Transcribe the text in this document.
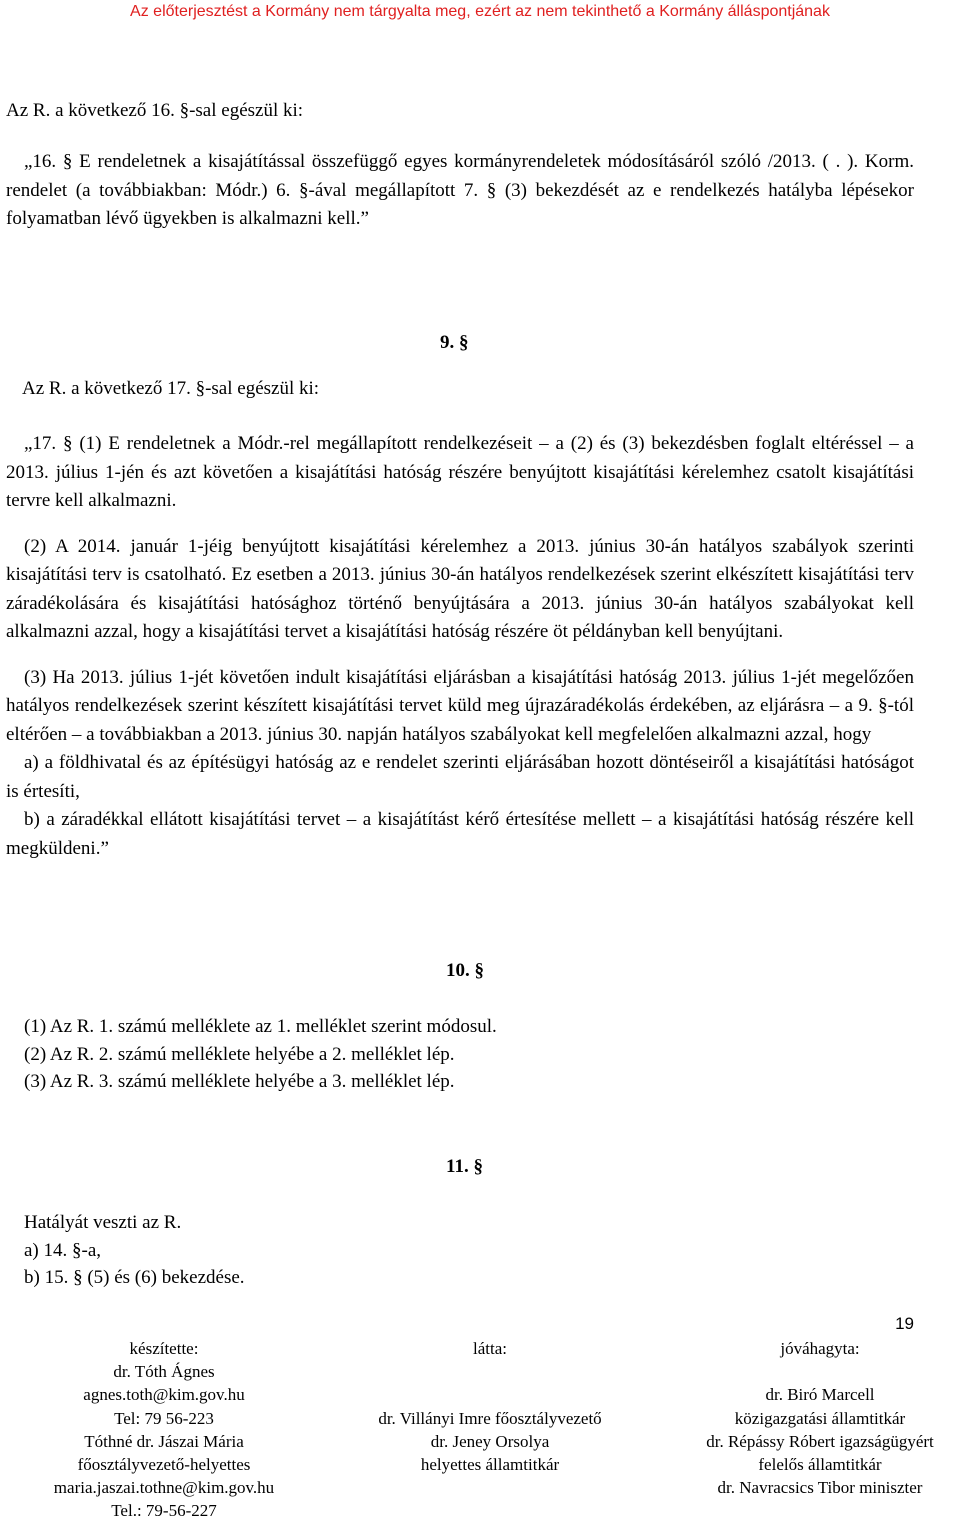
Az előterjesztést a Kormány nem tárgyalta meg, ezért az nem tekinthető a Kormány álláspontjának
Az R. a következő 16. §-sal egészül ki:

„16. § E rendeletnek a kisajátítással összefüggő egyes kormányrendeletek módosításáról szóló /2013. ( . ). Korm. rendelet (a továbbiakban: Módr.) 6. §-ával megállapított 7. § (3) bekezdését az e rendelkezés hatályba lépésekor folyamatban lévő ügyekben is alkalmazni kell.”

9. §
Az R. a következő 17. §-sal egészül ki:

„17. § (1) E rendeletnek a Módr.-rel megállapított rendelkezéseit – a (2) és (3) bekezdésben foglalt eltéréssel – a 2013. július 1-jén és azt követően a kisajátítási hatóság részére benyújtott kisajátítási kérelemhez csatolt kisajátítási tervre kell alkalmazni.

(2) A 2014. január 1-jéig benyújtott kisajátítási kérelemhez a 2013. június 30-án hatályos szabályok szerinti kisajátítási terv is csatolható. Ez esetben a 2013. június 30-án hatályos rendelkezések szerint elkészített kisajátítási terv záradékolására és kisajátítási hatósághoz történő benyújtására a 2013. június 30-án hatályos szabályokat kell alkalmazni azzal, hogy a kisajátítási tervet a kisajátítási hatóság részére öt példányban kell benyújtani.

(3) Ha 2013. július 1-jét követően indult kisajátítási eljárásban a kisajátítási hatóság 2013. július 1-jét megelőzően hatályos rendelkezések szerint készített kisajátítási tervet küld meg újrazáradékolás érdekében, az eljárásra – a 9. §-tól eltérően – a továbbiakban a 2013. június 30. napján hatályos szabályokat kell megfelelően alkalmazni azzal, hogy

a) a földhivatal és az építésügyi hatóság az e rendelet szerinti eljárásában hozott döntéseiről a kisajátítási hatóságot is értesíti,

b) a záradékkal ellátott kisajátítási tervet – a kisajátítást kérő értesítése mellett – a kisajátítási hatóság részére kell megküldeni.”

10. §
(1) Az R. 1. számú melléklete az 1. melléklet szerint módosul.
(2) Az R. 2. számú melléklete helyébe a 2. melléklet lép.
(3) Az R. 3. számú melléklete helyébe a 3. melléklet lép.
11. §
Hatályát veszti az R.
a) 14. §-a,
b) 15. § (5) és (6) bekezdése.
19
készítette:
dr. Tóth Ágnes
agnes.toth@kim.gov.hu
Tel: 79 56-223
Tóthné dr. Jászai Mária
főosztályvezető-helyettes
maria.jaszai.tothne@kim.gov.hu
Tel.: 79-56-227
látta:
dr. Villányi Imre főosztályvezető
dr. Jeney Orsolya
helyettes államtitkár
jóváhagyta:
dr. Biró Marcell
közigazgatási államtitkár
dr. Répássy Róbert igazságügyért
felelős államtitkár
dr. Navracsics Tibor miniszter
